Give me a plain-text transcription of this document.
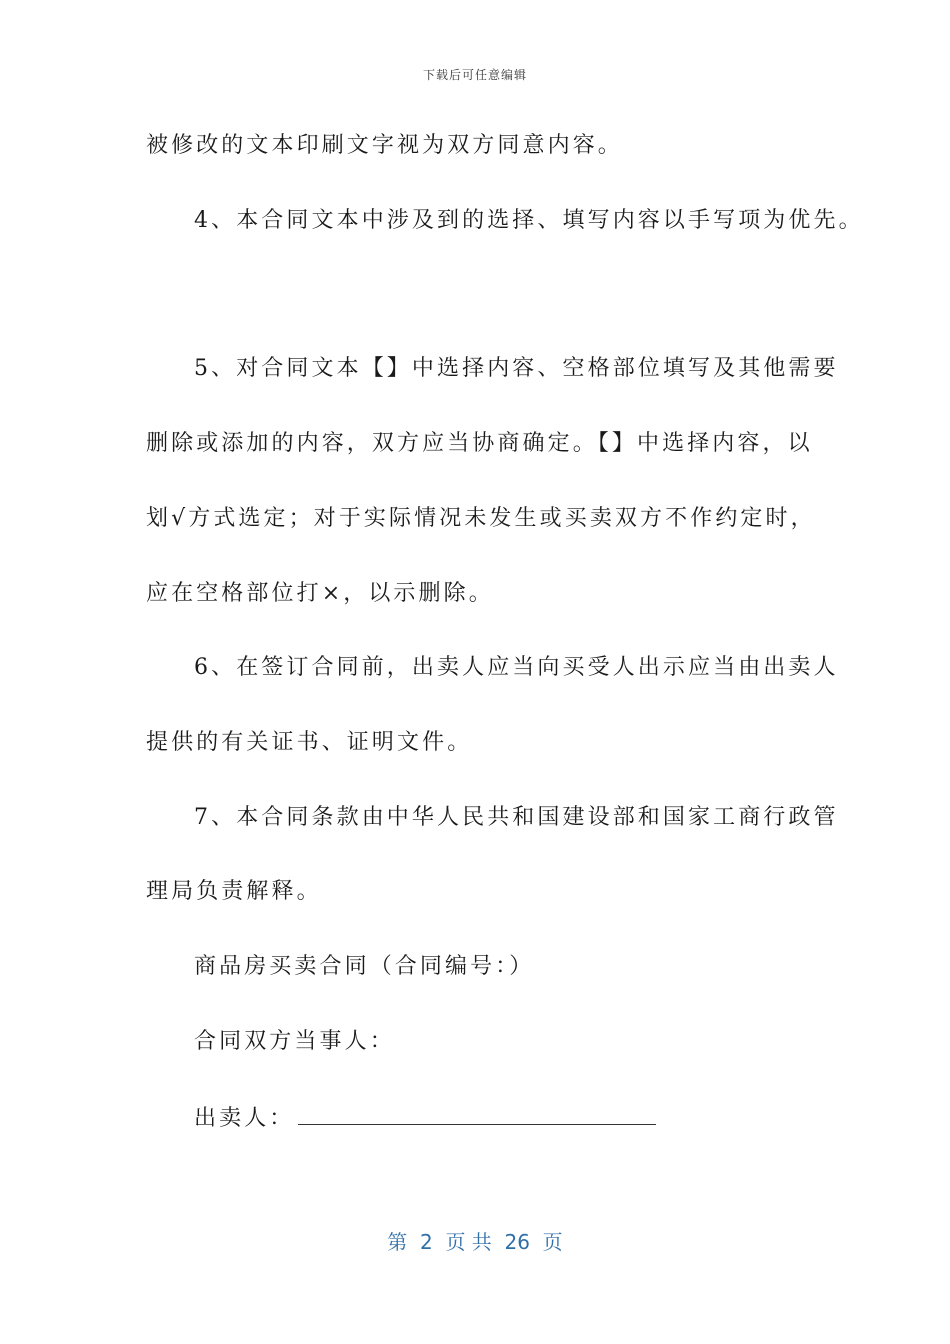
下载后可任意编辑
被修改的文本印刷文字视为双方同意内容。
4、本合同文本中涉及到的选择、填写内容以手写项为优先。
5、对合同文本【】中选择内容、空格部位填写及其他需要
删除或添加的内容，双方应当协商确定。【】中选择内容，以
划√方式选定；对于实际情况未发生或买卖双方不作约定时，
应在空格部位打×，以示删除。
6、在签订合同前，出卖人应当向买受人出示应当由出卖人
提供的有关证书、证明文件。
7、本合同条款由中华人民共和国建设部和国家工商行政管
理局负责解释。
商品房买卖合同（合同编号：）
合同双方当事人：
出卖人：
第  2  页 共  26  页
